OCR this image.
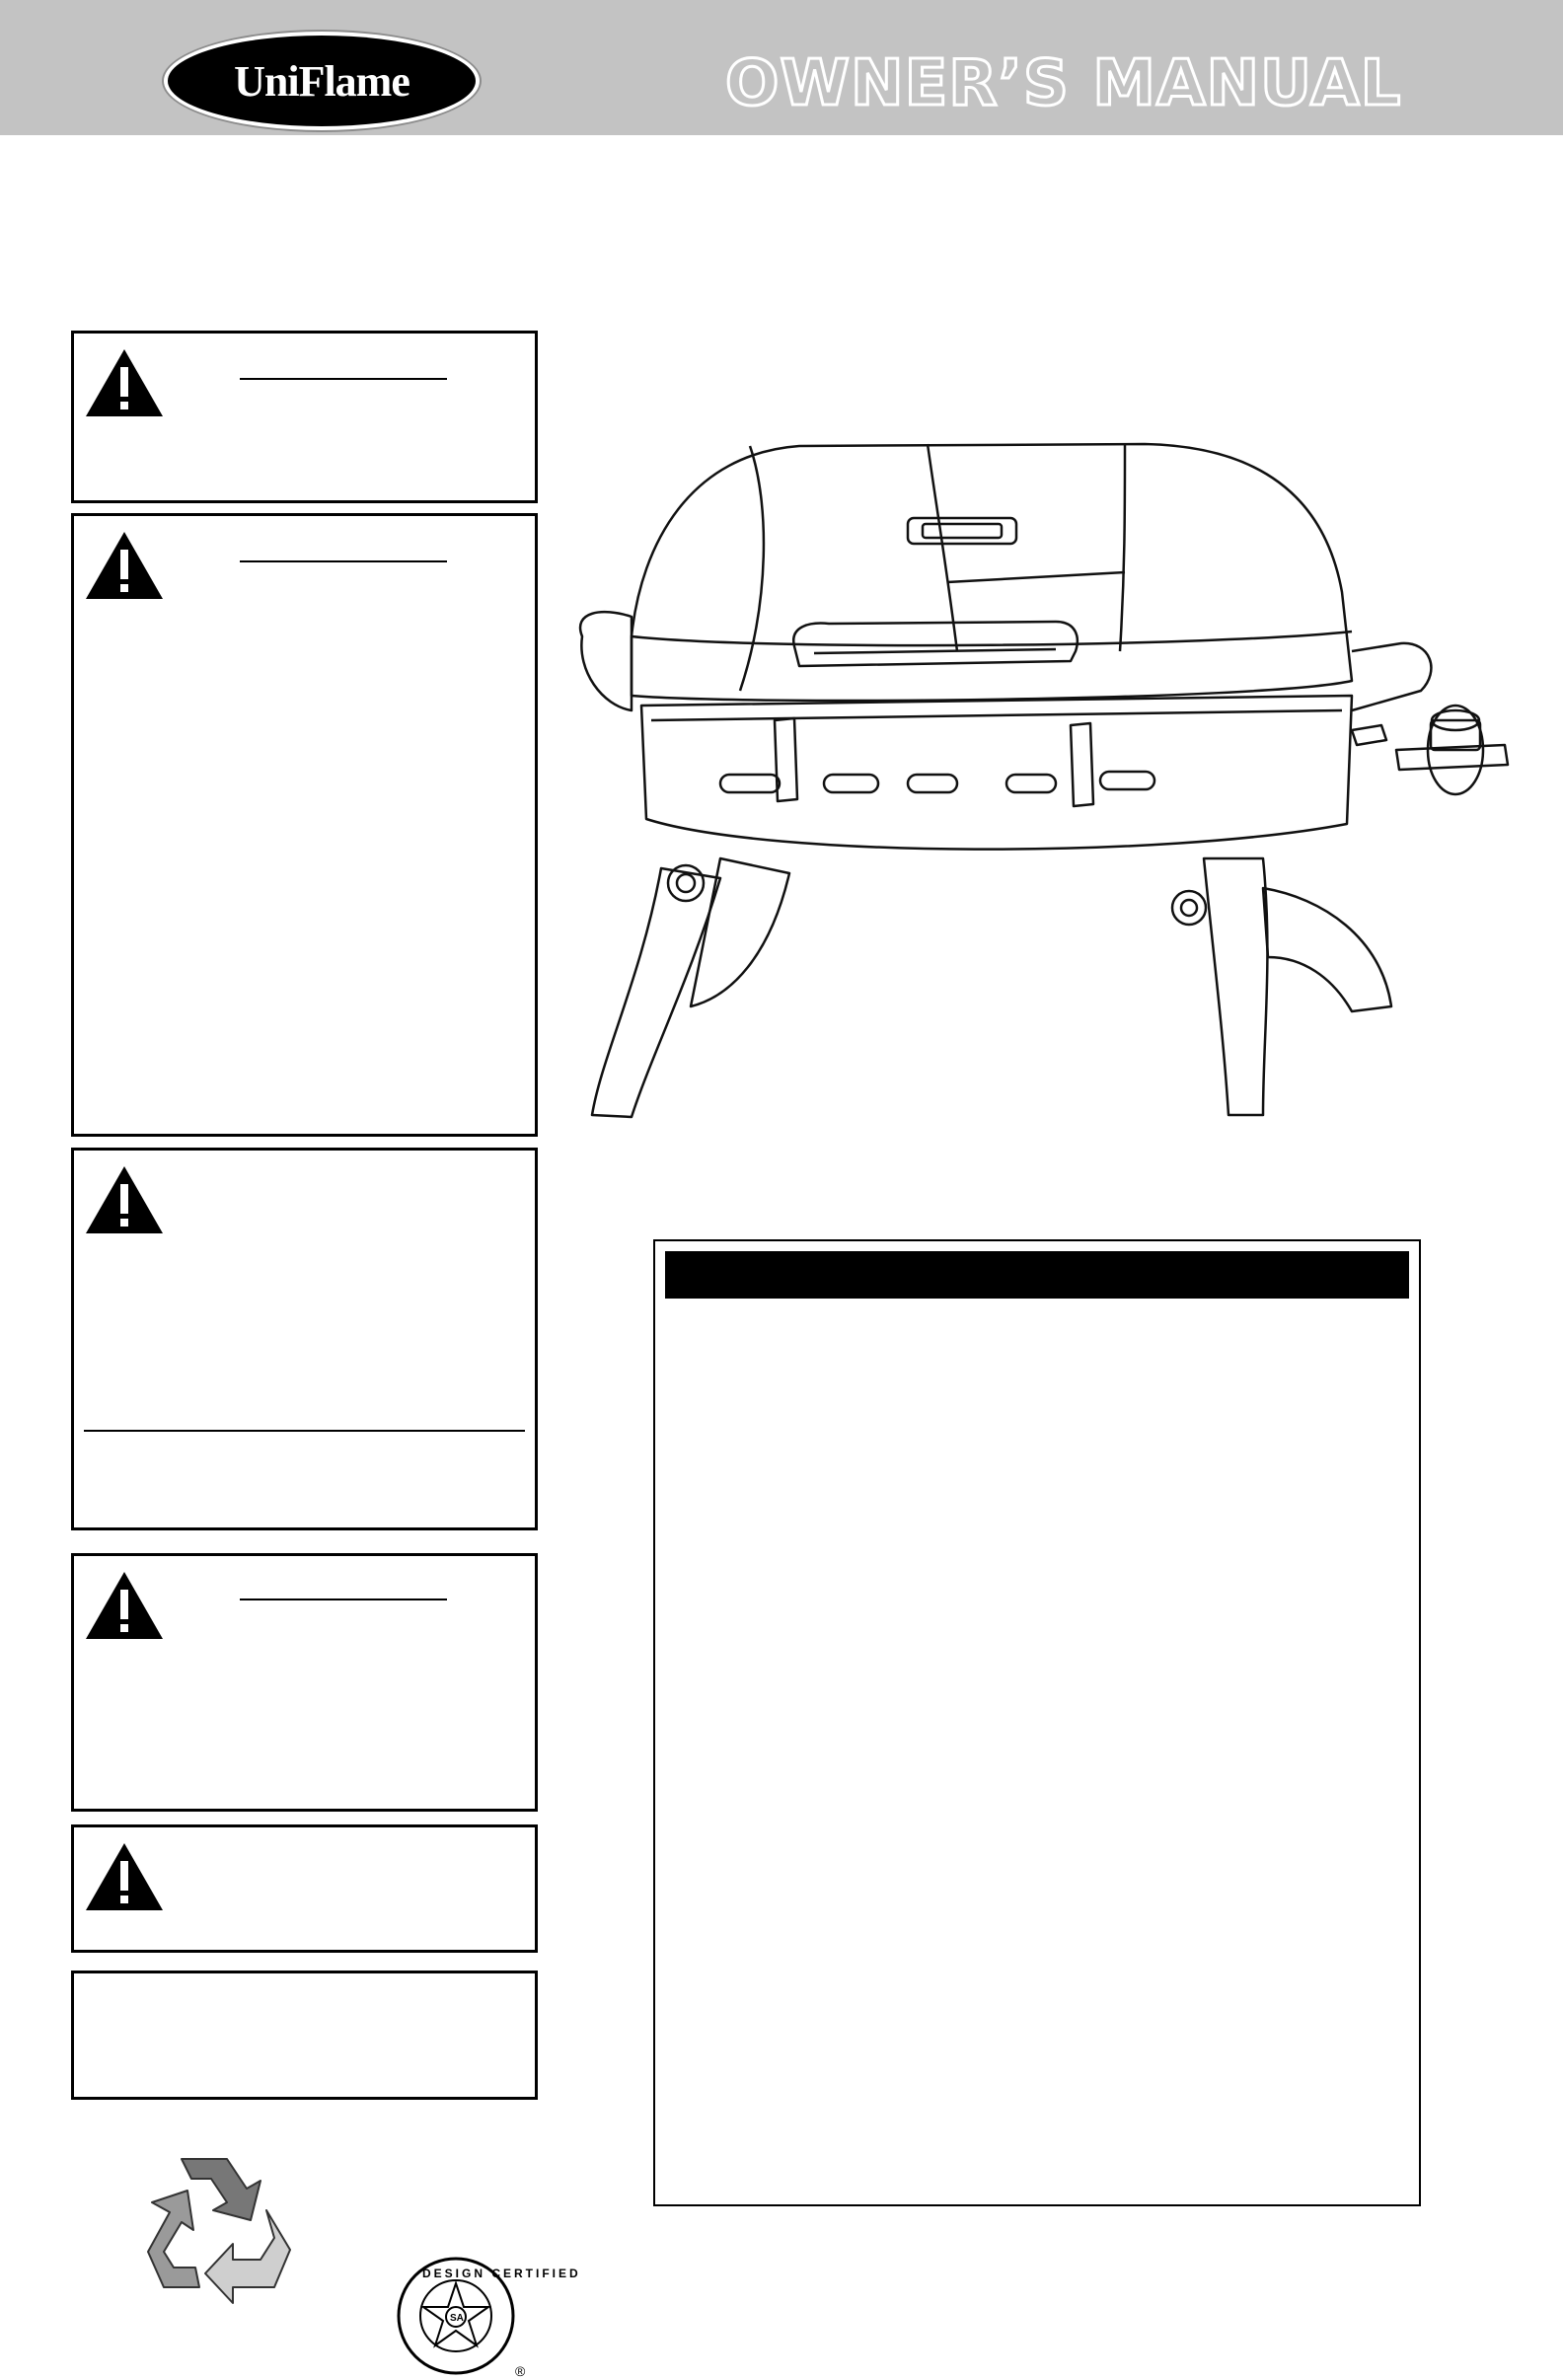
UniFlame	OWNER’S MANUAL
SA
DESIGN CERTIFIED
®
